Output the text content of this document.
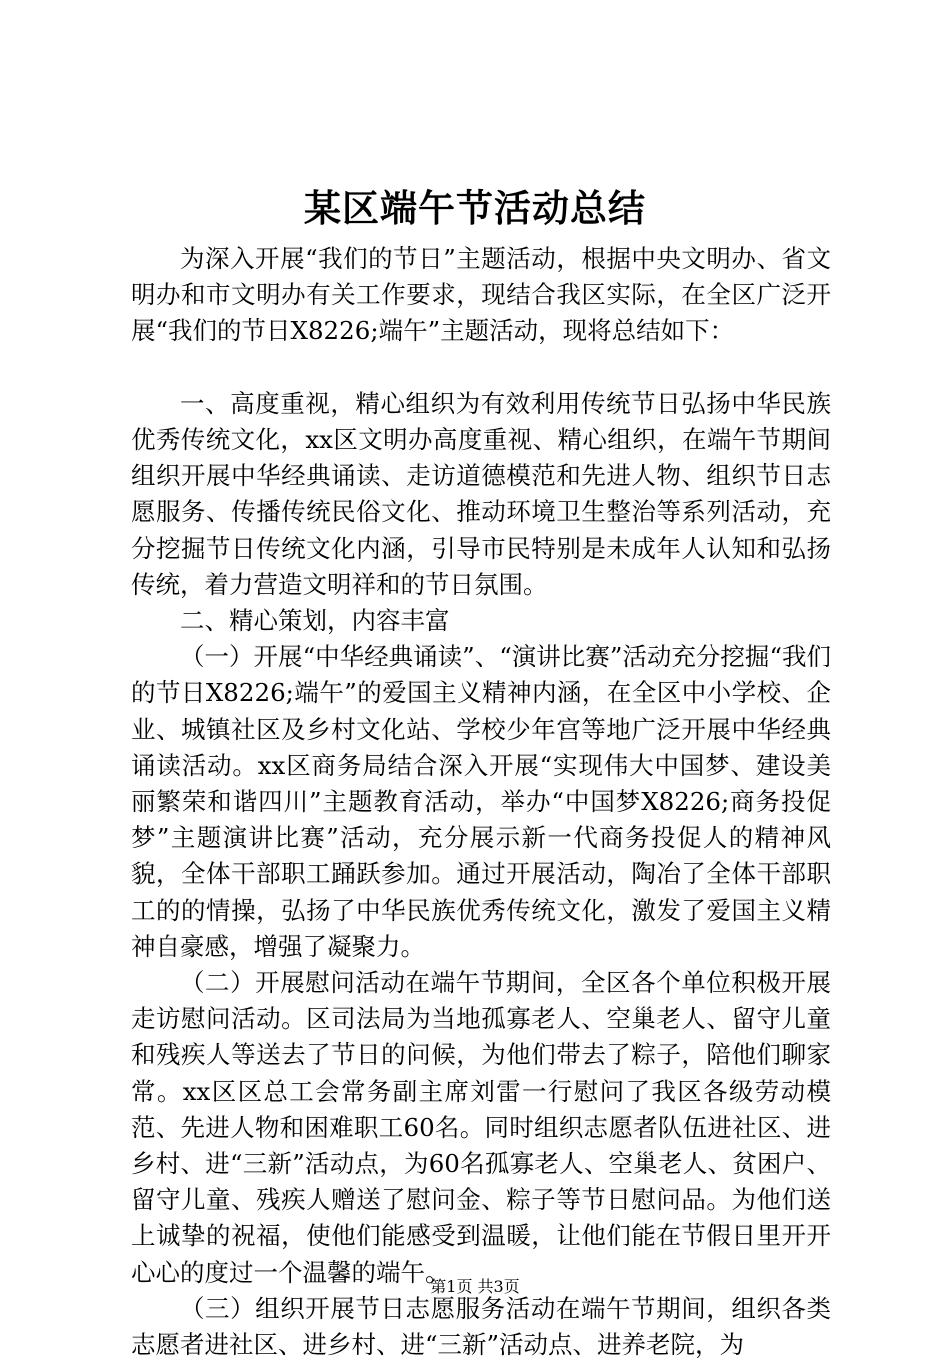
某区端午节活动总结

为深入开展“我们的节日”主题活动，根据中央文明办、省文明办和市文明办有关工作要求，现结合我区实际，在全区广泛开展“我们的节日X8226;端午”主题活动，现将总结如下：

一、高度重视，精心组织为有效利用传统节日弘扬中华民族优秀传统文化，xx区文明办高度重视、精心组织，在端午节期间组织开展中华经典诵读、走访道德模范和先进人物、组织节日志愿服务、传播传统民俗文化、推动环境卫生整治等系列活动，充分挖掘节日传统文化内涵，引导市民特别是未成年人认知和弘扬传统，着力营造文明祥和的节日氛围。

二、精心策划，内容丰富

（一）开展“中华经典诵读”、“演讲比赛”活动充分挖掘“我们的节日X8226;端午”的爱国主义精神内涵，在全区中小学校、企业、城镇社区及乡村文化站、学校少年宫等地广泛开展中华经典诵读活动。xx区商务局结合深入开展“实现伟大中国梦、建设美丽繁荣和谐四川”主题教育活动，举办“中国梦X8226;商务投促梦”主题演讲比赛”活动，充分展示新一代商务投促人的精神风貌，全体干部职工踊跃参加。通过开展活动，陶冶了全体干部职工的的情操，弘扬了中华民族优秀传统文化，激发了爱国主义精神自豪感，增强了凝聚力。

（二）开展慰问活动在端午节期间，全区各个单位积极开展走访慰问活动。区司法局为当地孤寡老人、空巢老人、留守儿童和残疾人等送去了节日的问候，为他们带去了粽子，陪他们聊家常。xx区区总工会常务副主席刘雷一行慰问了我区各级劳动模范、先进人物和困难职工60名。同时组织志愿者队伍进社区、进乡村、进“三新”活动点，为60名孤寡老人、空巢老人、贫困户、留守儿童、残疾人赠送了慰问金、粽子等节日慰问品。为他们送上诚挚的祝福，使他们能感受到温暖，让他们能在节假日里开开心心的度过一个温馨的端午。

（三）组织开展节日志愿服务活动在端午节期间，组织各类志愿者进社区、进乡村、进“三新”活动点、进养老院，为

第1页 共3页
